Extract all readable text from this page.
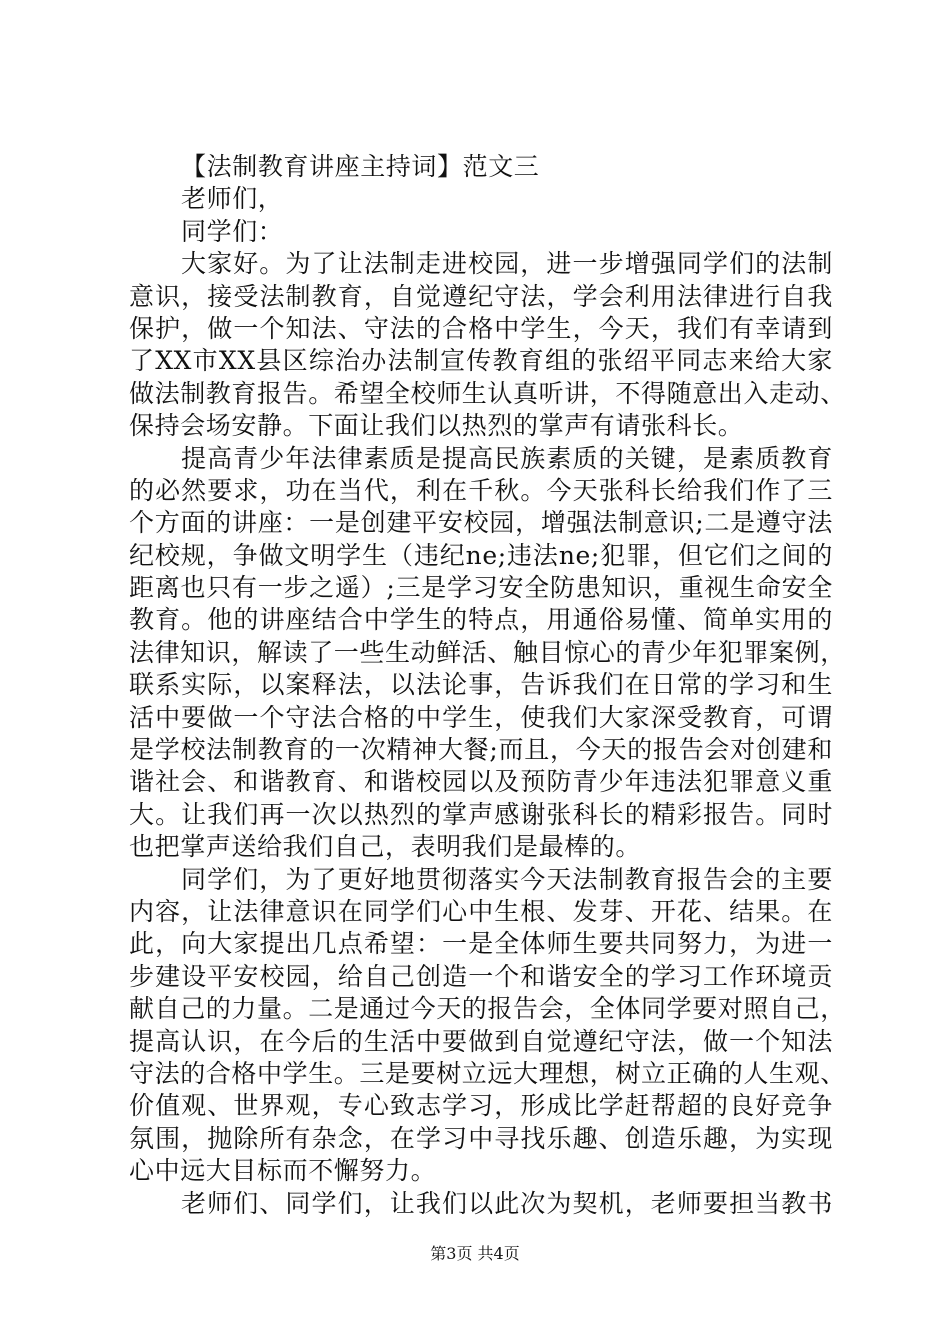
【法制教育讲座主持词】范文三
老师们，
同学们：
大家好。为了让法制走进校园，进一步增强同学们的法制
意识，接受法制教育，自觉遵纪守法，学会利用法律进行自我
保护，做一个知法、守法的合格中学生，今天，我们有幸请到
了XX市XX县区综治办法制宣传教育组的张绍平同志来给大家
做法制教育报告。希望全校师生认真听讲，不得随意出入走动、
保持会场安静。下面让我们以热烈的掌声有请张科长。
提高青少年法律素质是提高民族素质的关键，是素质教育
的必然要求，功在当代，利在千秋。今天张科长给我们作了三
个方面的讲座：一是创建平安校园，增强法制意识;二是遵守法
纪校规，争做文明学生（违纪ne;违法ne;犯罪，但它们之间的
距离也只有一步之遥）;三是学习安全防患知识，重视生命安全
教育。他的讲座结合中学生的特点，用通俗易懂、简单实用的
法律知识，解读了一些生动鲜活、触目惊心的青少年犯罪案例，
联系实际，以案释法，以法论事，告诉我们在日常的学习和生
活中要做一个守法合格的中学生，使我们大家深受教育，可谓
是学校法制教育的一次精神大餐;而且，今天的报告会对创建和
谐社会、和谐教育、和谐校园以及预防青少年违法犯罪意义重
大。让我们再一次以热烈的掌声感谢张科长的精彩报告。同时
也把掌声送给我们自己，表明我们是最棒的。
同学们，为了更好地贯彻落实今天法制教育报告会的主要
内容，让法律意识在同学们心中生根、发芽、开花、结果。在
此，向大家提出几点希望：一是全体师生要共同努力，为进一
步建设平安校园，给自己创造一个和谐安全的学习工作环境贡
献自己的力量。二是通过今天的报告会，全体同学要对照自己，
提高认识，在今后的生活中要做到自觉遵纪守法，做一个知法
守法的合格中学生。三是要树立远大理想，树立正确的人生观、
价值观、世界观，专心致志学习，形成比学赶帮超的良好竞争
氛围，抛除所有杂念，在学习中寻找乐趣、创造乐趣，为实现
心中远大目标而不懈努力。
老师们、同学们，让我们以此次为契机，老师要担当教书
第3页 共4页
